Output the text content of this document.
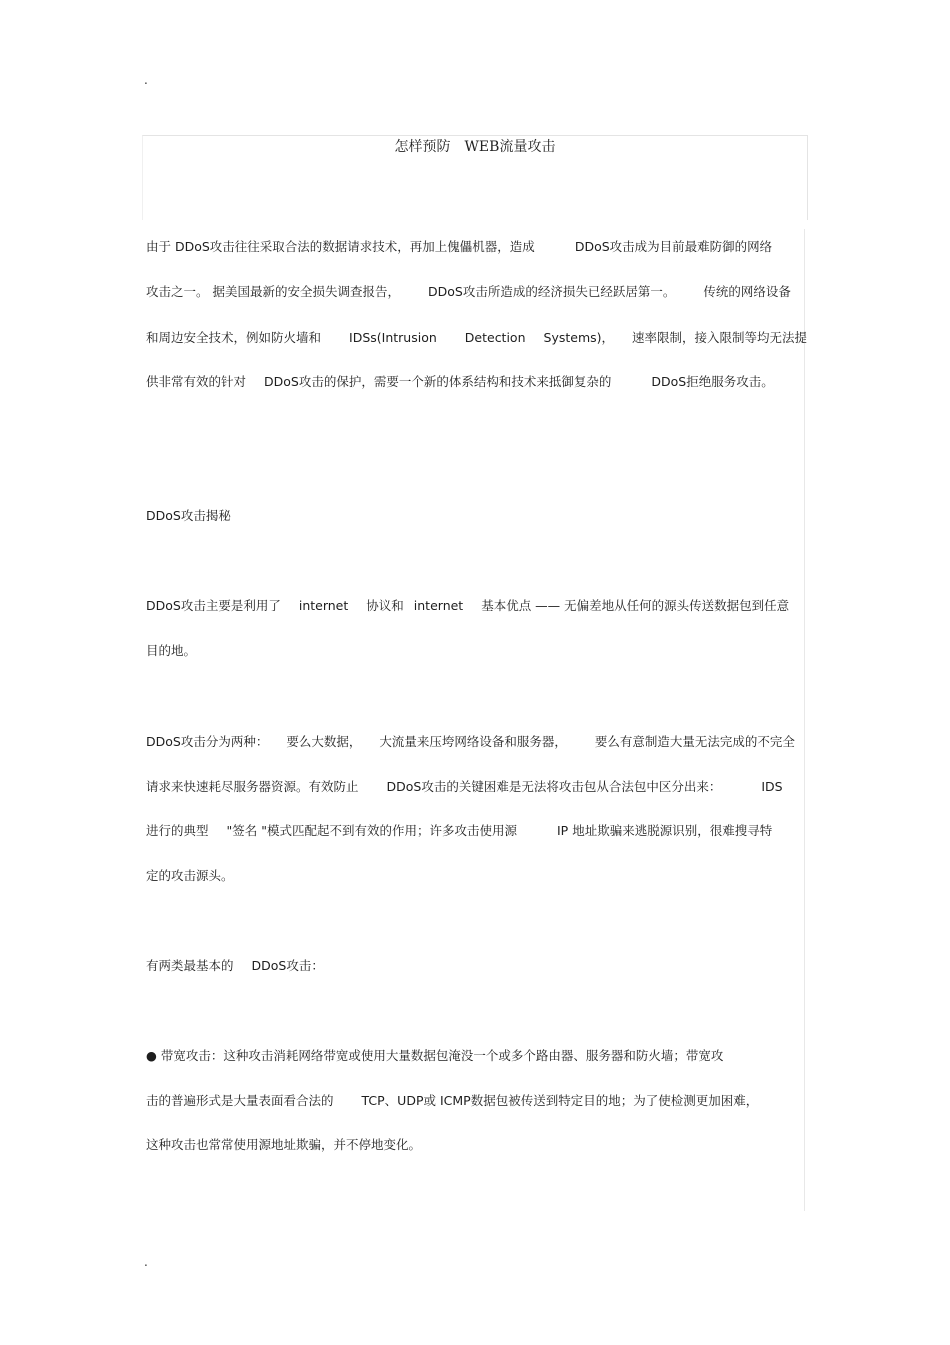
.
怎样预防　WEB流量攻击
由于 DDoS攻击往往采取合法的数据请求技术，再加上傀儡机器，造成	DDoS攻击成为目前最难防御的网络
攻击之一。 据美国最新的安全损失调查报告， DDoS攻击所造成的经济损失已经跃居第一。 传统的网络设备
和周边安全技术，例如防火墙和 IDSs(Intrusion Detection Systems)， 速率限制，接入限制等均无法提
供非常有效的针对 DDoS攻击的保护，需要一个新的体系结构和技术来抵御复杂的	DDoS拒绝服务攻击。
DDoS攻击揭秘
DDoS攻击主要是利用了 internet 协议和 internet 基本优点 —— 无偏差地从任何的源头传送数据包到任意
目的地。
DDoS攻击分为两种： 要么大数据， 大流量来压垮网络设备和服务器， 要么有意制造大量无法完成的不完全
请求来快速耗尽服务器资源。有效防止 DDoS攻击的关键困难是无法将攻击包从合法包中区分出来：	IDS
进行的典型 "签名 "模式匹配起不到有效的作用；许多攻击使用源	IP 地址欺骗来逃脱源识别，很难搜寻特
定的攻击源头。
有两类最基本的 DDoS攻击：
● 带宽攻击：这种攻击消耗网络带宽或使用大量数据包淹没一个或多个路由器、服务器和防火墙；带宽攻
击的普遍形式是大量表面看合法的 TCP、UDP或 ICMP数据包被传送到特定目的地；为了使检测更加困难，
这种攻击也常常使用源地址欺骗，并不停地变化。
.
